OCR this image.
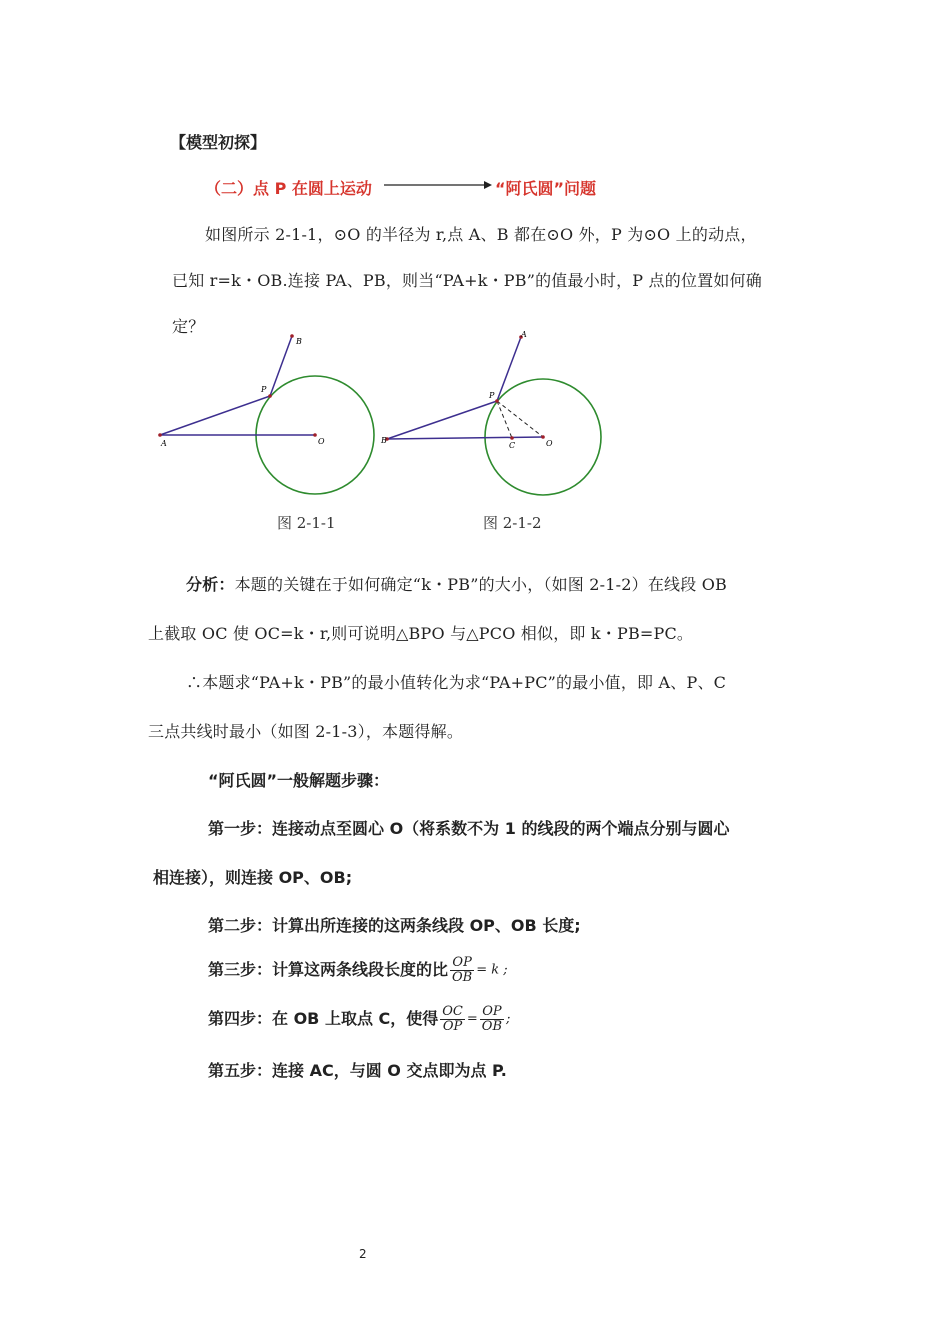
【模型初探】
（二）点 P 在圆上运动	“阿氏圆”问题
如图所示 2-1-1，⊙O 的半径为 r,点 A、B 都在⊙O 外，P 为⊙O 上的动点，
已知 r=k・OB.连接 PA、PB，则当“PA+k・PB”的值最小时，P 点的位置如何确
定？
B
P
A	O
图 2-1-1
A
P
B
C	O
图 2-1-2
分析：本题的关键在于如何确定“k・PB”的大小，（如图 2-1-2）在线段 OB
上截取 OC 使 OC=k・r,则可说明△BPO 与△PCO 相似，即 k・PB=PC。
∴本题求“PA+k・PB”的最小值转化为求“PA+PC”的最小值，即 A、P、C
三点共线时最小（如图 2-1-3），本题得解。
“阿氏圆”一般解题步骤：
第一步：连接动点至圆心 O（将系数不为 1 的线段的两个端点分别与圆心
相连接），则连接 OP、OB;
第二步：计算出所连接的这两条线段 OP、OB 长度;
第三步：计算这两条线段长度的比 $\frac{OP}{OB} = k$ ;
第四步：在 OB 上取点 C，使得 $\frac{OC}{OP} = \frac{OP}{OB}$ ;
第五步：连接 AC，与圆 O 交点即为点 P.
2
